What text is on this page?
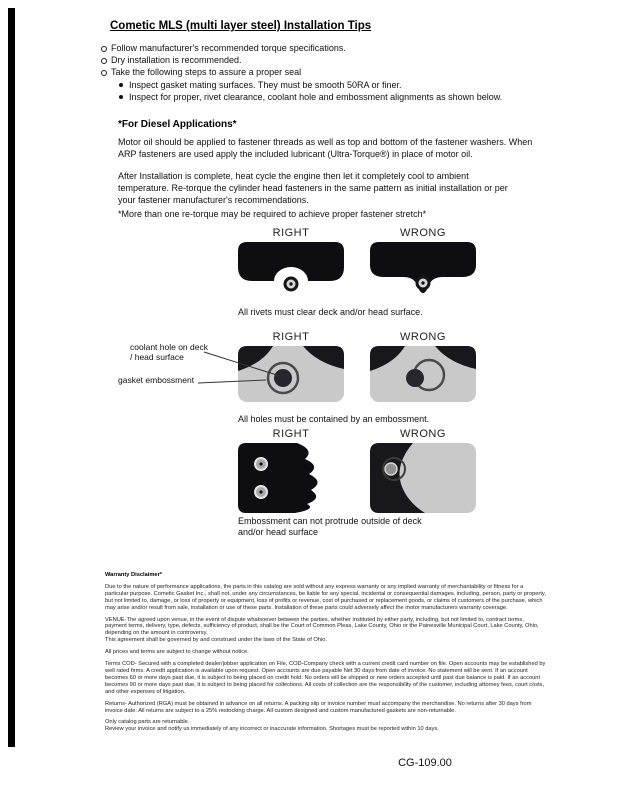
Cometic MLS (multi layer steel) Installation Tips
Follow manufacturer's recommended torque specifications.
Dry installation is recommended.
Take the following steps to assure a proper seal
Inspect gasket mating surfaces. They must be smooth 50RA or finer.
Inspect for proper, rivet clearance, coolant hole and embossment alignments as shown below.
*For Diesel Applications*
Motor oil should be applied to fastener threads as well as top and bottom of the fastener washers. When ARP fasteners are used apply the included lubricant (Ultra-Torque®) in place of motor oil.
After Installation is complete, heat cycle the engine then let it completely cool to ambient temperature. Re-torque the cylinder head fasteners in the same pattern as initial installation or per your fastener manufacturer's recommendations.
*More than one re-torque may be required to achieve proper fastener stretch*
RIGHT	WRONG
All rivets must clear deck and/or head surface.
RIGHT	WRONG
coolant hole on deck / head surface
gasket embossment
All holes must be contained by an embossment.
RIGHT	WRONG
Embossment can not protrude outside of deck and/or head surface

Warranty Disclaimer*

Due to the nature of performance applications, the parts in this catalog are sold without any express warranty or any implied warranty of merchantability or fitness for a particular purpose. Cometic Gasket Inc., shall not, under any circumstances, be liable for any special, incidental or consequential damages, including, person, party or property, but not limited to, damage, or loss of property or equipment, loss of profits or revenue, cost of purchased or replacement goods, or claims of customers of the purchase, which may arise and/or result from sale, installation or use of these parts. Installation of these parts could adversely affect the motor manufacturers warranty coverage.

VENUE-The agreed upon venue, in the event of dispute whatsoever between the parties, whether instituted by either party, including, but not limited to, contract terms, payment terms, delivery, type, defects, sufficiency of product, shall be the Court of Common Pleas, Lake County, Ohio or the Painesville Municipal Court, Lake County, Ohio, depending on the amount in controversy.

This agreement shall be governed by and construed under the laws of the State of Ohio.

All prices and terms are subject to change without notice.

Terms COD- Secured with a completed dealer/jobber application on File, COD-Company check with a current credit card number on file. Open accounts may be established by well rated firms. A credit application is available upon request. Open accounts are due payable Net 30 days from date of invoice. No statement will be sent. If an account becomes 60 or more days past due, it is subject to being placed on credit hold. No orders will be shipped or new orders accepted until past due balance is paid. If an account becomes 90 or more days past due, it is subject to being placed for collections. All costs of collection are the responsibility of the customer, including attorney fees, court costs, and other expenses of litigation.

Returns- Authorized (RGA) must be obtained in advance on all returns. A packing slip or invoice number must accompany the merchandise. No returns after 30 days from invoice date. All returns are subject to a 25% restocking charge. All custom designed and custom manufactured gaskets are non-returnable.

Only catalog parts are returnable.

Review your invoice and notify us immediately of any incorrect or inaccurate information. Shortages must be reported within 10 days.

CG-109.00
